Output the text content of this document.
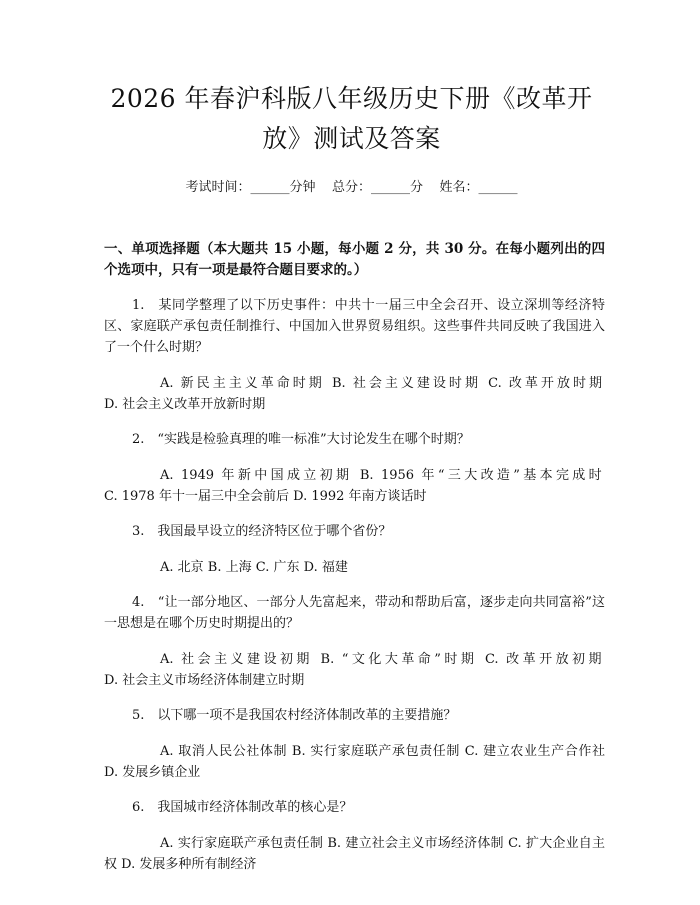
2026 年春沪科版八年级历史下册《改革开
放》测试及答案
考试时间：______分钟    总分：______分    姓名：______
一、单项选择题（本大题共 15 小题，每小题 2 分，共 30 分。在每小题列出的四个选项中，只有一项是最符合题目要求的。）
1.　某同学整理了以下历史事件：中共十一届三中全会召开、设立深圳等经济特区、家庭联产承包责任制推行、中国加入世界贸易组织。这些事件共同反映了我国进入了一个什么时期？
A. 新民主主义革命时期 B. 社会主义建设时期 C. 改革开放时期 D. 社会主义改革开放新时期
2.　“实践是检验真理的唯一标准”大讨论发生在哪个时期？
A. 1949 年新中国成立初期 B. 1956 年“三大改造”基本完成时 C. 1978 年十一届三中全会前后 D. 1992 年南方谈话时
3.　我国最早设立的经济特区位于哪个省份？
A. 北京 B. 上海 C. 广东 D. 福建
4.　“让一部分地区、一部分人先富起来，带动和帮助后富，逐步走向共同富裕”这一思想是在哪个历史时期提出的？
A. 社会主义建设初期 B. “文化大革命”时期 C. 改革开放初期 D. 社会主义市场经济体制建立时期
5.　以下哪一项不是我国农村经济体制改革的主要措施？
A. 取消人民公社体制 B. 实行家庭联产承包责任制 C. 建立农业生产合作社 D. 发展乡镇企业
6.　我国城市经济体制改革的核心是？
A. 实行家庭联产承包责任制 B. 建立社会主义市场经济体制 C. 扩大企业自主权 D. 发展多种所有制经济
